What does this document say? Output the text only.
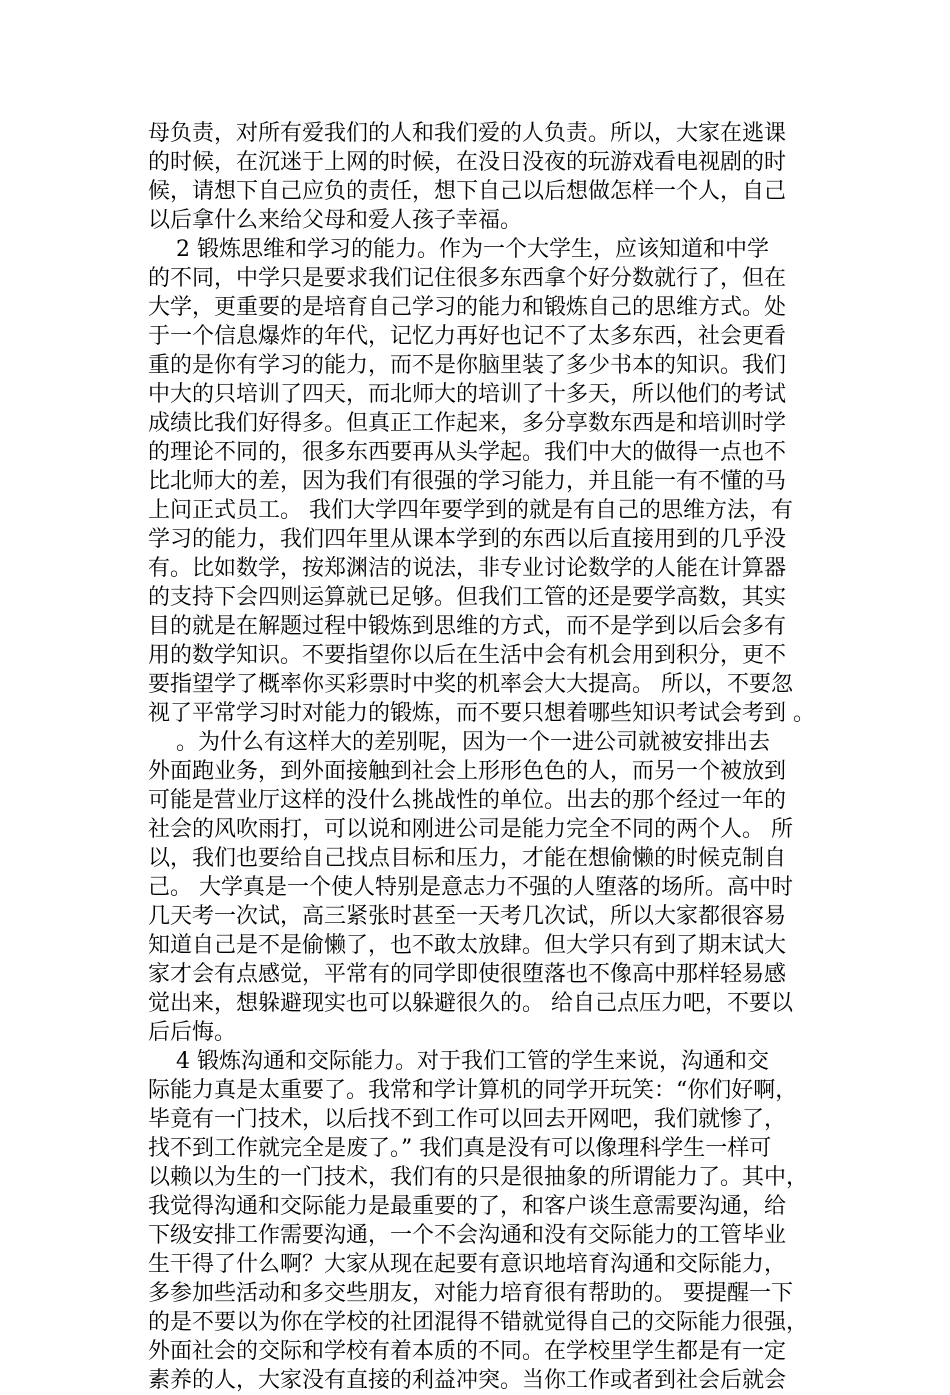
母负责，对所有爱我们的人和我们爱的人负责。所以，大家在逃课
的时候，在沉迷于上网的时候，在没日没夜的玩游戏看电视剧的时
候，请想下自己应负的责任，想下自己以后想做怎样一个人，自己
以后拿什么来给父母和爱人孩子幸福。
2 锻炼思维和学习的能力。作为一个大学生，应该知道和中学
的不同，中学只是要求我们记住很多东西拿个好分数就行了，但在
大学，更重要的是培育自己学习的能力和锻炼自己的思维方式。处
于一个信息爆炸的年代，记忆力再好也记不了太多东西，社会更看
重的是你有学习的能力，而不是你脑里装了多少书本的知识。我们
中大的只培训了四天，而北师大的培训了十多天，所以他们的考试
成绩比我们好得多。但真正工作起来，多分享数东西是和培训时学
的理论不同的，很多东西要再从头学起。我们中大的做得一点也不
比北师大的差，因为我们有很强的学习能力，并且能一有不懂的马
上问正式员工。 我们大学四年要学到的就是有自己的思维方法，有
学习的能力，我们四年里从课本学到的东西以后直接用到的几乎没
有。比如数学，按郑渊洁的说法，非专业讨论数学的人能在计算器
的支持下会四则运算就已足够。但我们工管的还是要学高数，其实
目的就是在解题过程中锻炼到思维的方式，而不是学到以后会多有
用的数学知识。不要指望你以后在生活中会有机会用到积分，更不
要指望学了概率你买彩票时中奖的机率会大大提高。 所以，不要忽
视了平常学习时对能力的锻炼，而不要只想着哪些知识考试会考到 。
。为什么有这样大的差别呢，因为一个一进公司就被安排出去
外面跑业务，到外面接触到社会上形形色色的人，而另一个被放到
可能是营业厅这样的没什么挑战性的单位。出去的那个经过一年的
社会的风吹雨打，可以说和刚进公司是能力完全不同的两个人。 所
以，我们也要给自己找点目标和压力，才能在想偷懒的时候克制自
己。 大学真是一个使人特别是意志力不强的人堕落的场所。高中时
几天考一次试，高三紧张时甚至一天考几次试，所以大家都很容易
知道自己是不是偷懒了，也不敢太放肆。但大学只有到了期末试大
家才会有点感觉，平常有的同学即使很堕落也不像高中那样轻易感
觉出来，想躲避现实也可以躲避很久的。 给自己点压力吧，不要以
后后悔。
4 锻炼沟通和交际能力。对于我们工管的学生来说，沟通和交
际能力真是太重要了。我常和学计算机的同学开玩笑：“你们好啊，
毕竟有一门技术，以后找不到工作可以回去开网吧，我们就惨了，
找不到工作就完全是废了。” 我们真是没有可以像理科学生一样可
以赖以为生的一门技术，我们有的只是很抽象的所谓能力了。其中，
我觉得沟通和交际能力是最重要的了，和客户谈生意需要沟通，给
下级安排工作需要沟通，一个不会沟通和没有交际能力的工管毕业
生干得了什么啊？大家从现在起要有意识地培育沟通和交际能力，
多参加些活动和多交些朋友，对能力培育很有帮助的。 要提醒一下
的是不要以为你在学校的社团混得不错就觉得自己的交际能力很强，
外面社会的交际和学校有着本质的不同。在学校里学生都是有一定
素养的人，大家没有直接的利益冲突。当你工作或者到社会后就会
